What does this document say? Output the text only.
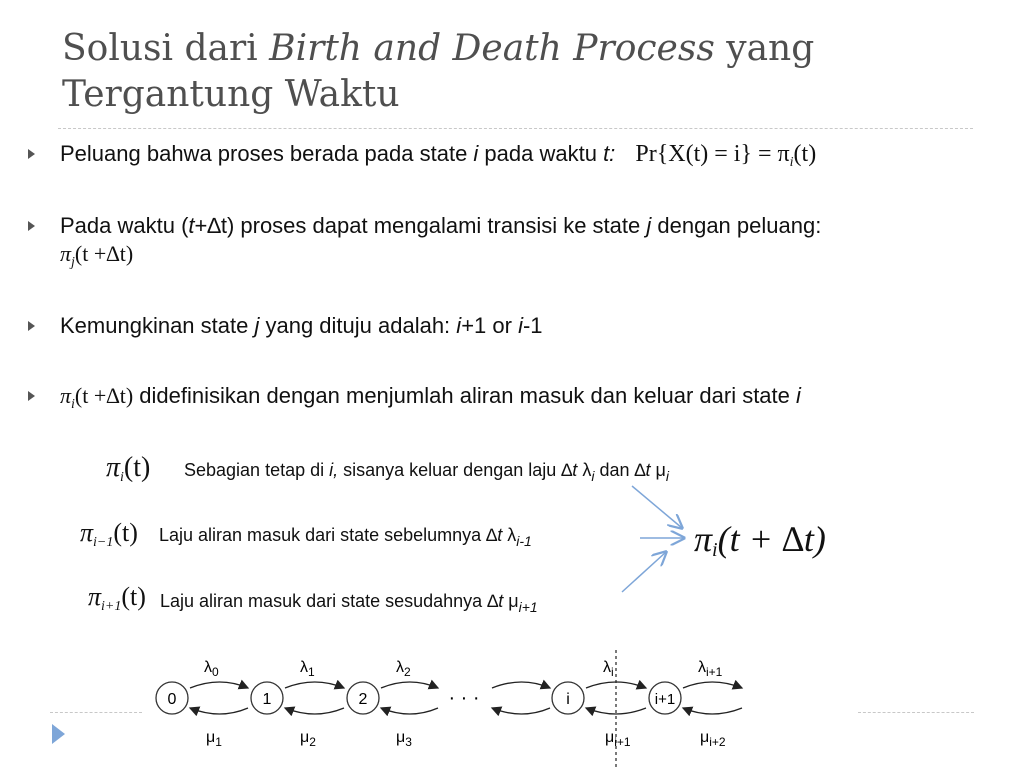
Solusi dari Birth and Death Process yang
Tergantung Waktu
Peluang bahwa proses berada pada state i pada waktu t: $Pr\{X(t) = i\} = \pi_i(t)$
Pada waktu (t+∆t) proses dapat mengalami transisi ke state j dengan peluang:
$\pi_j(t +\Delta t)$
Kemungkinan state j yang dituju adalah: i+1 or i-1
$\pi_i(t +\Delta t)$ didefinisikan dengan menjumlah aliran masuk dan keluar dari state i
$\pi_i(t)$ Sebagian tetap di i, sisanya keluar dengan laju ∆t $\lambda_i$ dan ∆t $\mu_i$
$\pi_{i-1}(t)$ Laju aliran masuk dari state sebelumnya ∆t $\lambda_{i-1}$
$\pi_{i+1}(t)$ Laju aliran masuk dari state sesudahnya ∆t $\mu_{i+1}$
$\pi_i(t + \Delta t)$
0	1	2	· · ·	i	i+1
$\lambda_0$	$\lambda_1$	$\lambda_2$	$\lambda_i$	$\lambda_{i+1}$
$\mu_1$	$\mu_2$	$\mu_3$	$\mu_{i+1}$	$\mu_{i+2}$
